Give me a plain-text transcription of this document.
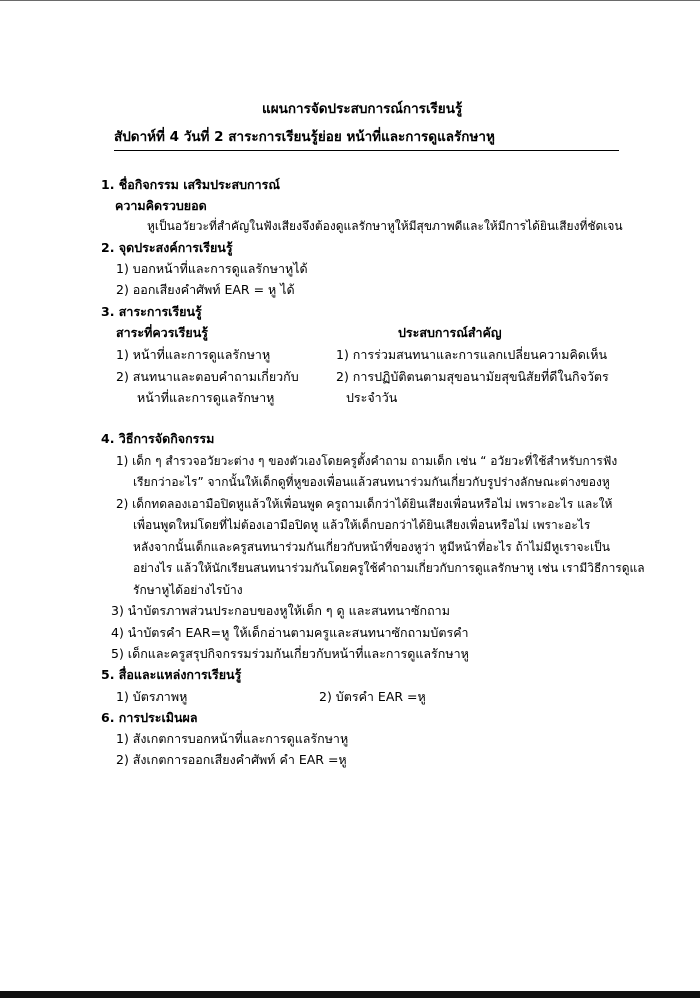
แผนการจัดประสบการณ์การเรียนรู้
สัปดาห์ที่ 4 วันที่ 2 สาระการเรียนรู้ย่อย หน้าที่และการดูแลรักษาหู
1. ชื่อกิจกรรม เสริมประสบการณ์
ความคิดรวบยอด
หูเป็นอวัยวะที่สำคัญในฟังเสียงจึงต้องดูแลรักษาหูให้มีสุขภาพดีและให้มีการได้ยินเสียงที่ชัดเจน
2. จุดประสงค์การเรียนรู้
1) บอกหน้าที่และการดูแลรักษาหูได้
2) ออกเสียงคำศัพท์ EAR = หู ได้
3. สาระการเรียนรู้
สาระที่ควรเรียนรู้	ประสบการณ์สำคัญ
1) หน้าที่และการดูแลรักษาหู
2) สนทนาและตอบคำถามเกี่ยวกับ
หน้าที่และการดูแลรักษาหู
1) การร่วมสนทนาและการแลกเปลี่ยนความคิดเห็น
2) การปฏิบัติตนตามสุขอนามัยสุขนิสัยที่ดีในกิจวัตร
ประจำวัน
4. วิธีการจัดกิจกรรม
1) เด็ก ๆ สำรวจอวัยวะต่าง ๆ ของตัวเองโดยครูตั้งคำถาม ถามเด็ก เช่น “ อวัยวะที่ใช้สำหรับการฟัง
เรียกว่าอะไร” จากนั้นให้เด็กดูที่หูของเพื่อนแล้วสนทนาร่วมกันเกี่ยวกับรูปร่างลักษณะต่างของหู
2) เด็กทดลองเอามือปิดหูแล้วให้เพื่อนพูด ครูถามเด็กว่าได้ยินเสียงเพื่อนหรือไม่ เพราะอะไร และให้
เพื่อนพูดใหม่โดยที่ไม่ต้องเอามือปิดหู แล้วให้เด็กบอกว่าได้ยินเสียงเพื่อนหรือไม่ เพราะอะไร
หลังจากนั้นเด็กและครูสนทนาร่วมกันเกี่ยวกับหน้าที่ของหูว่า หูมีหน้าที่อะไร ถ้าไม่มีหูเราจะเป็น
อย่างไร แล้วให้นักเรียนสนทนาร่วมกันโดยครูใช้คำถามเกี่ยวกับการดูแลรักษาหู เช่น เรามีวิธีการดูแล
รักษาหูได้อย่างไรบ้าง
3) นำบัตรภาพส่วนประกอบของหูให้เด็ก ๆ ดู และสนทนาซักถาม
4) นำบัตรคำ EAR=หู ให้เด็กอ่านตามครูและสนทนาซักถามบัตรคำ
5) เด็กและครูสรุปกิจกรรมร่วมกันเกี่ยวกับหน้าที่และการดูแลรักษาหู
5. สื่อและแหล่งการเรียนรู้
1) บัตรภาพหู	2) บัตรคำ EAR =หู
6. การประเมินผล
1) สังเกตการบอกหน้าที่และการดูแลรักษาหู
2) สังเกตการออกเสียงคำศัพท์ คำ EAR =หู
